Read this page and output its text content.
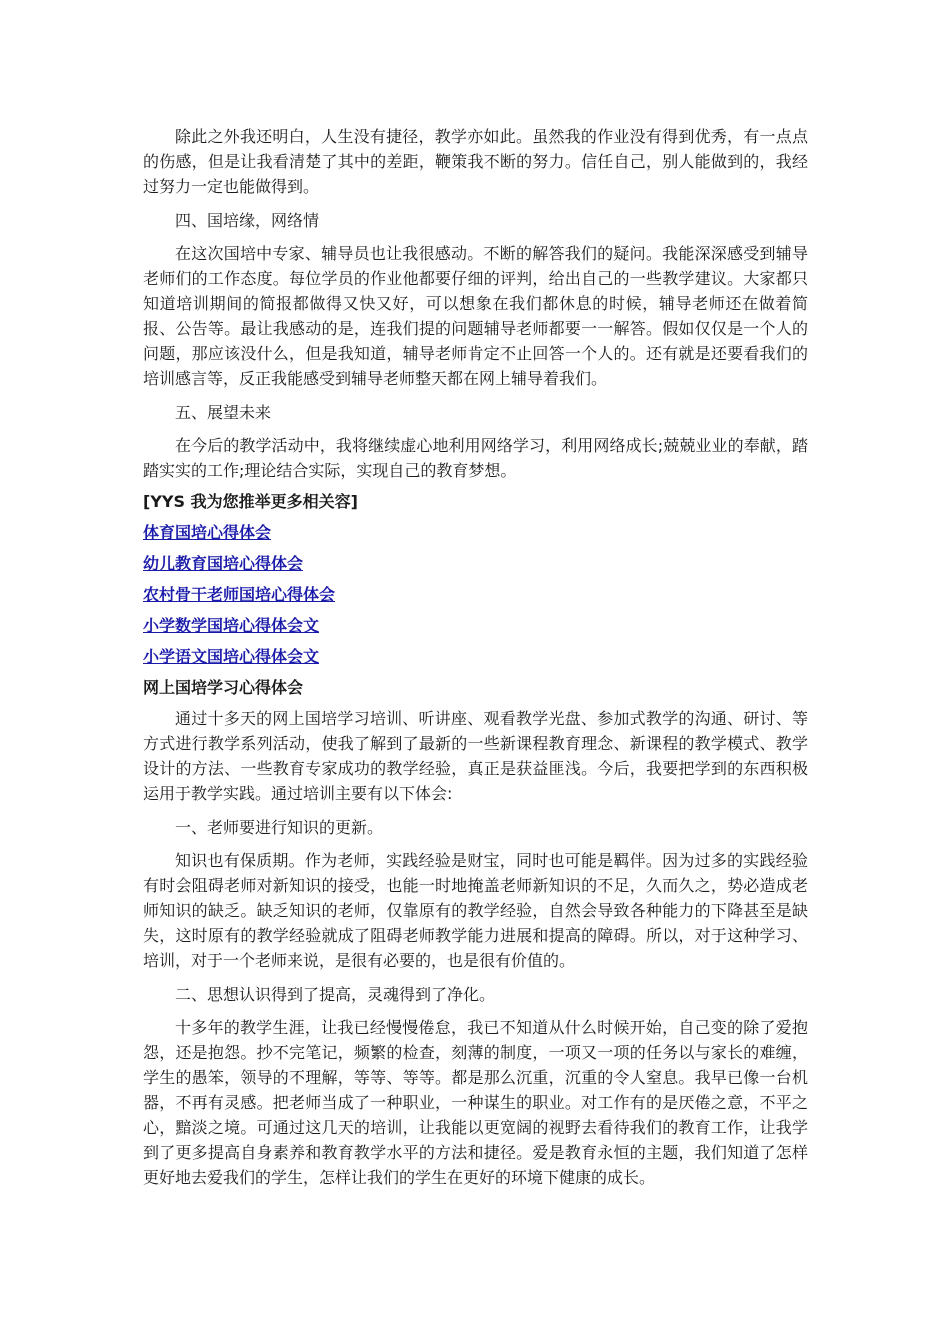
除此之外我还明白，人生没有捷径，教学亦如此。虽然我的作业没有得到优秀，有一点点的伤感，但是让我看清楚了其中的差距，鞭策我不断的努力。信任自己，别人能做到的，我经过努力一定也能做得到。

四、国培缘，网络情

在这次国培中专家、辅导员也让我很感动。不断的解答我们的疑问。我能深深感受到辅导老师们的工作态度。每位学员的作业他都要仔细的评判，给出自己的一些教学建议。大家都只知道培训期间的简报都做得又快又好，可以想象在我们都休息的时候，辅导老师还在做着简报、公告等。最让我感动的是，连我们提的问题辅导老师都要一一解答。假如仅仅是一个人的问题，那应该没什么，但是我知道，辅导老师肯定不止回答一个人的。还有就是还要看我们的培训感言等，反正我能感受到辅导老师整天都在网上辅导着我们。

五、展望未来

在今后的教学活动中，我将继续虚心地利用网络学习，利用网络成长;兢兢业业的奉献，踏踏实实的工作;理论结合实际，实现自己的教育梦想。

[YYS 我为您推举更多相关容]

体育国培心得体会
幼儿教育国培心得体会
农村骨干老师国培心得体会
小学数学国培心得体会文
小学语文国培心得体会文

网上国培学习心得体会

通过十多天的网上国培学习培训、听讲座、观看教学光盘、参加式教学的沟通、研讨、等方式进行教学系列活动，使我了解到了最新的一些新课程教育理念、新课程的教学模式、教学设计的方法、一些教育专家成功的教学经验，真正是获益匪浅。今后，我要把学到的东西积极运用于教学实践。通过培训主要有以下体会:

一、老师要进行知识的更新。

知识也有保质期。作为老师，实践经验是财宝，同时也可能是羁伴。因为过多的实践经验有时会阻碍老师对新知识的接受，也能一时地掩盖老师新知识的不足，久而久之，势必造成老师知识的缺乏。缺乏知识的老师，仅靠原有的教学经验，自然会导致各种能力的下降甚至是缺失，这时原有的教学经验就成了阻碍老师教学能力进展和提高的障碍。所以，对于这种学习、培训，对于一个老师来说，是很有必要的，也是很有价值的。

二、思想认识得到了提高，灵魂得到了净化。

十多年的教学生涯，让我已经慢慢倦怠，我已不知道从什么时候开始，自己变的除了爱抱怨，还是抱怨。抄不完笔记，频繁的检查，刻薄的制度，一项又一项的任务以与家长的难缠，学生的愚笨，领导的不理解，等等、等等。都是那么沉重，沉重的令人窒息。我早已像一台机器，不再有灵感。把老师当成了一种职业，一种谋生的职业。对工作有的是厌倦之意，不平之心，黯淡之境。可通过这几天的培训，让我能以更宽阔的视野去看待我们的教育工作，让我学到了更多提高自身素养和教育教学水平的方法和捷径。爱是教育永恒的主题，我们知道了怎样更好地去爱我们的学生，怎样让我们的学生在更好的环境下健康的成长。
